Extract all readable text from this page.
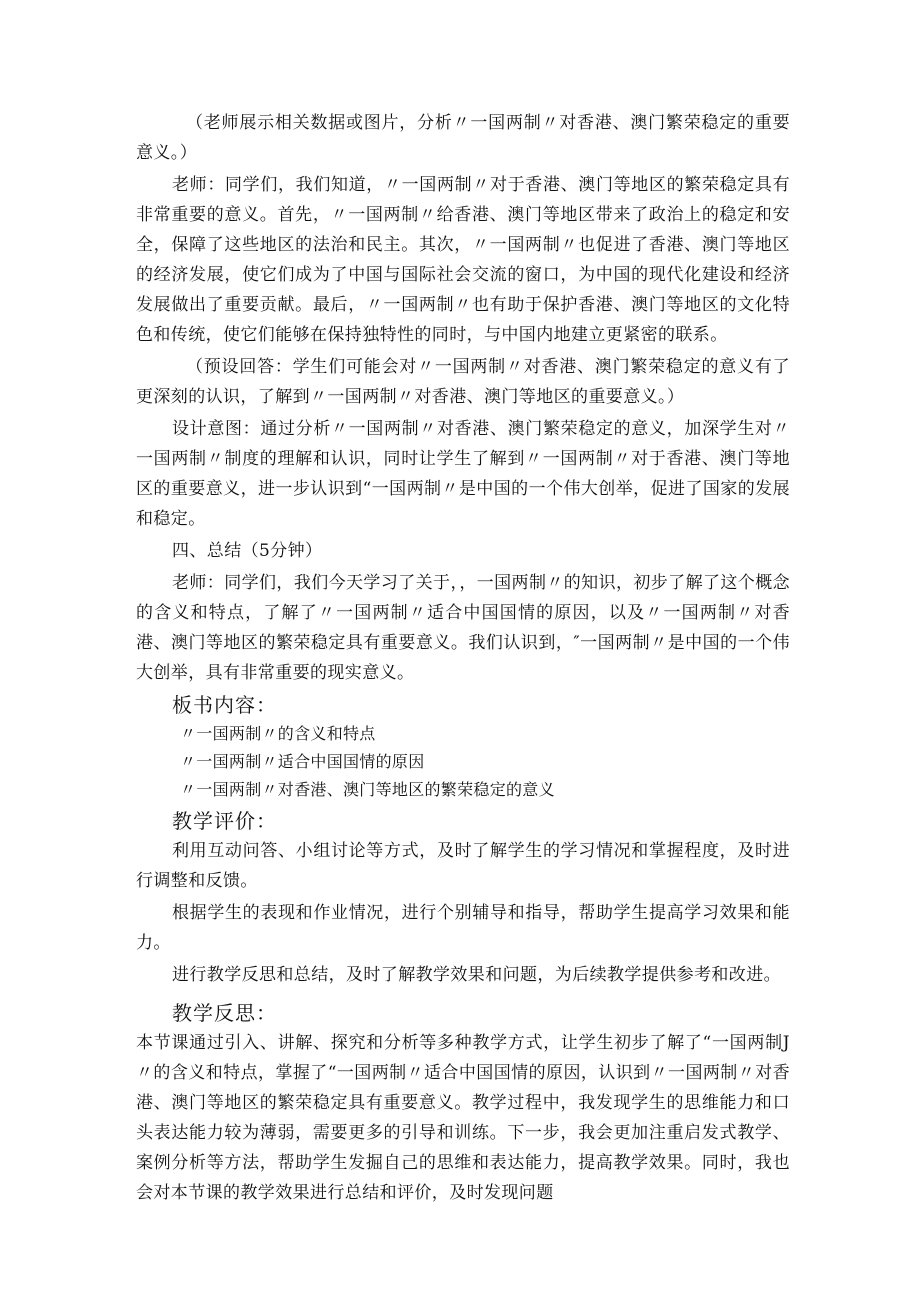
（老师展示相关数据或图片，分析〃一国两制〃对香港、澳门繁荣稳定的重要意义。）

老师：同学们，我们知道，〃一国两制〃对于香港、澳门等地区的繁荣稳定具有非常重要的意义。首先，〃一国两制〃给香港、澳门等地区带来了政治上的稳定和安全，保障了这些地区的法治和民主。其次，〃一国两制〃也促进了香港、澳门等地区的经济发展，使它们成为了中国与国际社会交流的窗口，为中国的现代化建设和经济发展做出了重要贡献。最后，〃一国两制〃也有助于保护香港、澳门等地区的文化特色和传统，使它们能够在保持独特性的同时，与中国内地建立更紧密的联系。

（预设回答：学生们可能会对〃一国两制〃对香港、澳门繁荣稳定的意义有了更深刻的认识，了解到〃一国两制〃对香港、澳门等地区的重要意义。）

设计意图：通过分析〃一国两制〃对香港、澳门繁荣稳定的意义，加深学生对〃一国两制〃制度的理解和认识，同时让学生了解到〃一国两制〃对于香港、澳门等地区的重要意义，进一步认识到“一国两制〃是中国的一个伟大创举，促进了国家的发展和稳定。

四、总结（5分钟）

老师：同学们，我们今天学习了关于，，一国两制〃的知识，初步了解了这个概念的含义和特点，了解了〃一国两制〃适合中国国情的原因，以及〃一国两制〃对香港、澳门等地区的繁荣稳定具有重要意义。我们认识到，″一国两制〃是中国的一个伟大创举，具有非常重要的现实意义。

板书内容：
〃一国两制〃的含义和特点
〃一国两制〃适合中国国情的原因
〃一国两制〃对香港、澳门等地区的繁荣稳定的意义
教学评价：

利用互动问答、小组讨论等方式，及时了解学生的学习情况和掌握程度，及时进行调整和反馈。

根据学生的表现和作业情况，进行个别辅导和指导，帮助学生提高学习效果和能力。

进行教学反思和总结，及时了解教学效果和问题，为后续教学提供参考和改进。

教学反思：

本节课通过引入、讲解、探究和分析等多种教学方式，让学生初步了解了“一国两制J〃的含义和特点，掌握了“一国两制〃适合中国国情的原因，认识到〃一国两制〃对香港、澳门等地区的繁荣稳定具有重要意义。教学过程中，我发现学生的思维能力和口头表达能力较为薄弱，需要更多的引导和训练。下一步，我会更加注重启发式教学、案例分析等方法，帮助学生发掘自己的思维和表达能力，提高教学效果。同时，我也会对本节课的教学效果进行总结和评价，及时发现问题
